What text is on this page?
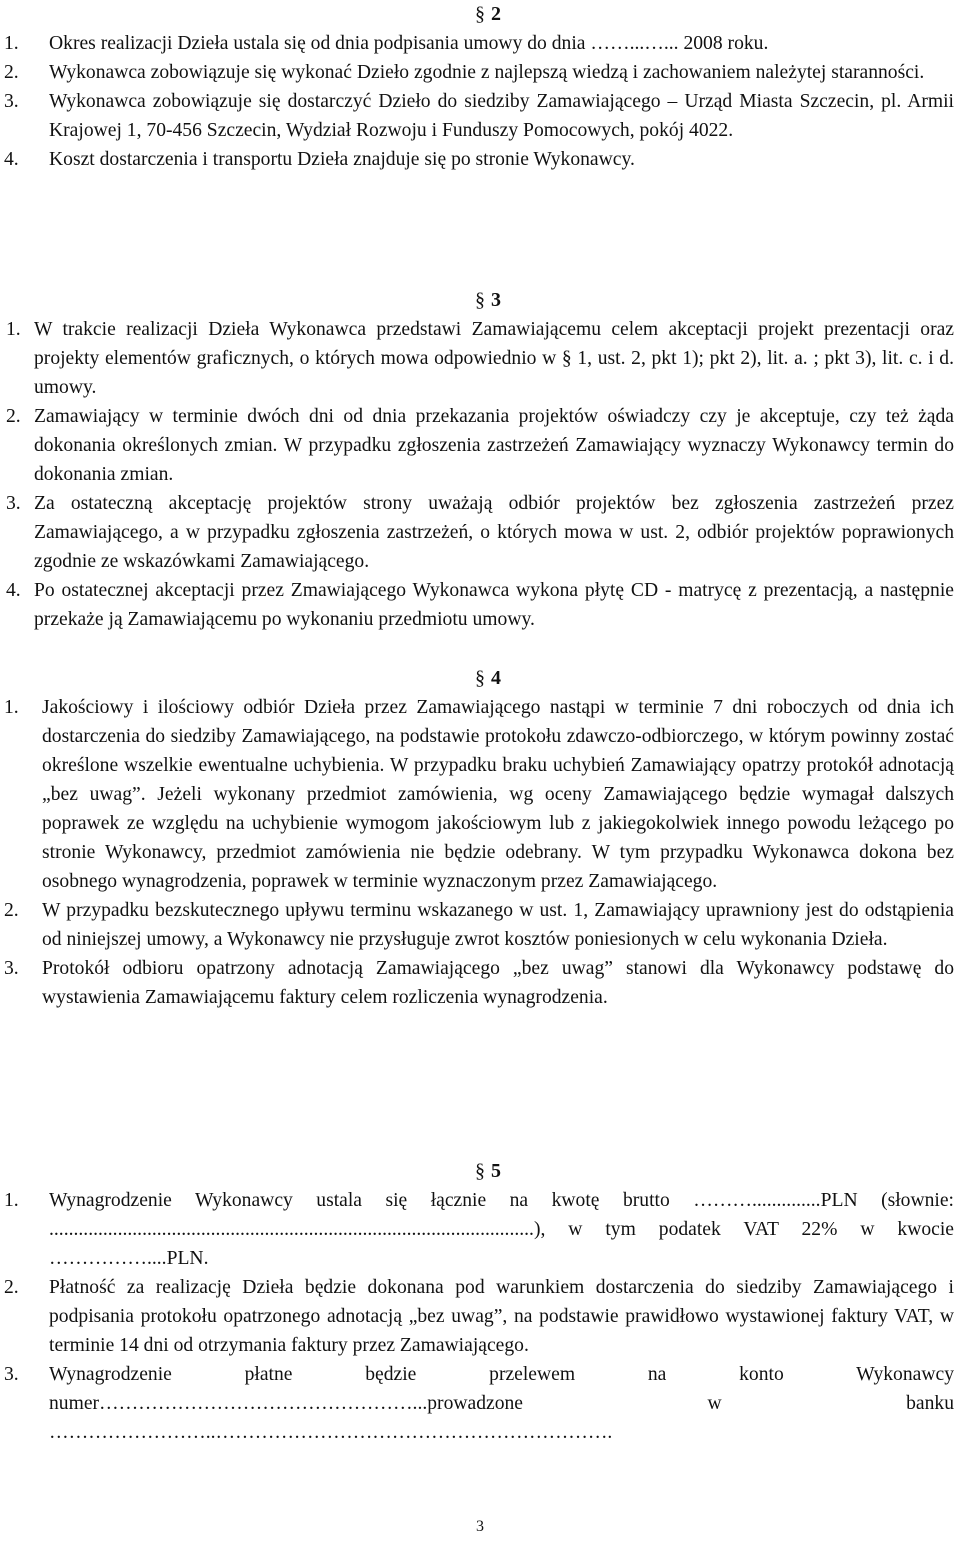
§ 2
1. Okres realizacji Dzieła ustala się od dnia podpisania umowy do dnia ……...…... 2008 roku.
2. Wykonawca zobowiązuje się wykonać Dzieło zgodnie z najlepszą wiedzą i zachowaniem należytej staranności.
3. Wykonawca zobowiązuje się dostarczyć Dzieło do siedziby Zamawiającego – Urząd Miasta Szczecin, pl. Armii Krajowej 1, 70-456 Szczecin, Wydział Rozwoju i Funduszy Pomocowych, pokój 4022.
4. Koszt dostarczenia i transportu Dzieła znajduje się po stronie Wykonawcy.
§ 3
1. W trakcie realizacji Dzieła Wykonawca przedstawi Zamawiającemu celem akceptacji projekt prezentacji oraz projekty elementów graficznych, o których mowa odpowiednio w § 1, ust. 2, pkt 1); pkt 2), lit. a. ; pkt 3), lit. c. i d. umowy.
2. Zamawiający w terminie dwóch dni od dnia przekazania projektów oświadczy czy je akceptuje, czy też żąda dokonania określonych zmian. W przypadku zgłoszenia zastrzeżeń Zamawiający wyznaczy Wykonawcy termin do dokonania zmian.
3. Za ostateczną akceptację projektów strony uważają odbiór projektów bez zgłoszenia zastrzeżeń przez Zamawiającego, a w przypadku zgłoszenia zastrzeżeń, o których mowa w ust. 2, odbiór projektów poprawionych zgodnie ze wskazówkami Zamawiającego.
4. Po ostatecznej akceptacji przez Zmawiającego Wykonawca wykona płytę CD - matrycę z prezentacją, a następnie przekaże ją Zamawiającemu po wykonaniu przedmiotu umowy.
§ 4
1. Jakościowy i ilościowy odbiór Dzieła przez Zamawiającego nastąpi w terminie 7 dni roboczych od dnia ich dostarczenia do siedziby Zamawiającego, na podstawie protokołu zdawczo-odbiorczego, w którym powinny zostać określone wszelkie ewentualne uchybienia. W przypadku braku uchybień Zamawiający opatrzy protokół adnotacją „bez uwag”. Jeżeli wykonany przedmiot zamówienia, wg oceny Zamawiającego będzie wymagał dalszych poprawek ze względu na uchybienie wymogom jakościowym lub z jakiegokolwiek innego powodu leżącego po stronie Wykonawcy, przedmiot zamówienia nie będzie odebrany. W tym przypadku Wykonawca dokona bez osobnego wynagrodzenia, poprawek w terminie wyznaczonym przez Zamawiającego.
2. W przypadku bezskutecznego upływu terminu wskazanego w ust. 1, Zamawiający uprawniony jest do odstąpienia od niniejszej umowy, a Wykonawcy nie przysługuje zwrot kosztów poniesionych w celu wykonania Dzieła.
3. Protokół odbioru opatrzony adnotacją Zamawiającego „bez uwag” stanowi dla Wykonawcy podstawę do wystawienia Zamawiającemu faktury celem rozliczenia wynagrodzenia.
§ 5
1. Wynagrodzenie Wykonawcy ustala się łącznie na kwotę brutto ………..............PLN (słownie: ...................................................................................................), w tym podatek VAT 22% w kwocie ……………....PLN.
2. Płatność za realizację Dzieła będzie dokonana pod warunkiem dostarczenia do siedziby Zamawiającego i podpisania protokołu opatrzonego adnotacją „bez uwag”, na podstawie prawidłowo wystawionej faktury VAT, w terminie 14 dni od otrzymania faktury przez Zamawiającego.
3. Wynagrodzenie płatne będzie przelewem na konto Wykonawcy numer…………………………………………...prowadzone w banku ……………………..…………………………………………………….
3
